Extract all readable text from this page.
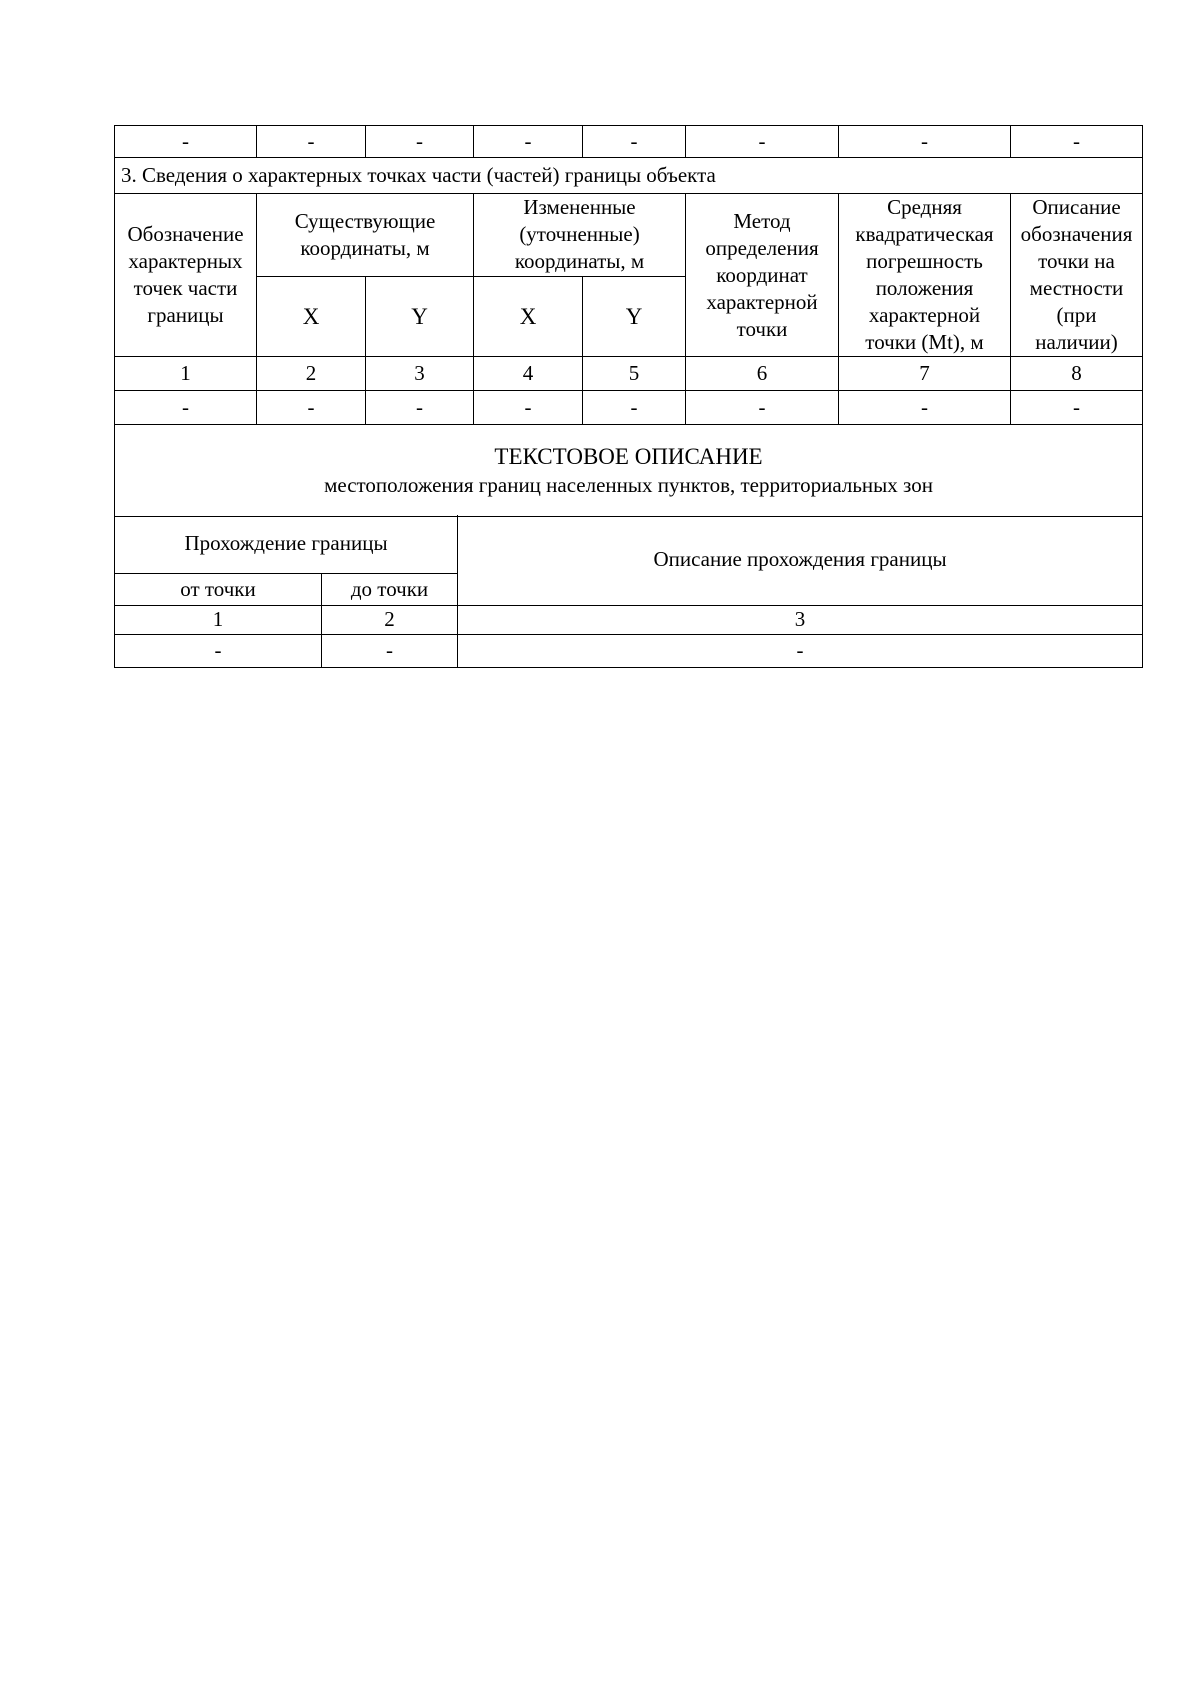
-	-	-	-	-	-	-	-
3. Сведения о характерных точках части (частей) границы объекта							
Обозначение характерных точек части границы	Существующие координаты, м		Измененные (уточненные) координаты, м		Метод определения координат характерной точки	Средняя квадратическая погрешность положения характерной точки (Mt), м	Описание обозначения точки на местности (при наличии)
	X	Y	X	Y			
1	2	3	4	5	6	7	8
-	-	-	-	-	-	-	-

ТЕКСТОВОЕ ОПИСАНИЕ
местоположения границ населенных пунктов, территориальных зон							
Прохождение границы		Описание прохождения границы
от точки	до точки	
1	2	3
-	-	-
